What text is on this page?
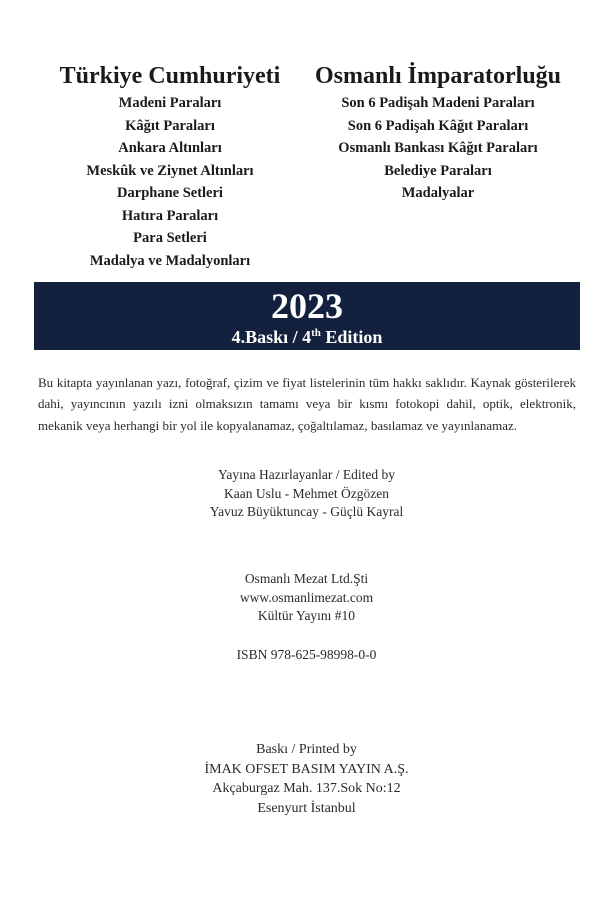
Türkiye Cumhuriyeti
Madeni Paraları
Kâğıt Paraları
Ankara Altınları
Meskûk ve Ziynet Altınları
Darphane Setleri
Hatıra Paraları
Para Setleri
Madalya ve Madalyonları
Osmanlı İmparatorluğu
Son 6 Padişah Madeni Paraları
Son 6 Padişah Kâğıt Paraları
Osmanlı Bankası Kâğıt Paraları
Belediye Paraları
Madalyalar
2023
4.Baskı / 4th Edition
Bu kitapta yayınlanan yazı, fotoğraf, çizim ve fiyat listelerinin tüm hakkı saklıdır. Kaynak gösterilerek dahi, yayıncının yazılı izni olmaksızın tamamı veya bir kısmı fotokopi dahil, optik, elektronik, mekanik veya herhangi bir yol ile kopyalanamaz, çoğaltılamaz, basılamaz ve yayınlanamaz.
Yayına Hazırlayanlar / Edited by
Kaan Uslu - Mehmet Özgözen
Yavuz Büyüktuncay - Güçlü Kayral
Osmanlı Mezat Ltd.Şti
www.osmanlimezat.com
Kültür Yayını #10
ISBN 978-625-98998-0-0
Baskı / Printed by
İMAK OFSET BASIM YAYIN A.Ş.
Akçaburgaz Mah. 137.Sok No:12
Esenyurt İstanbul
